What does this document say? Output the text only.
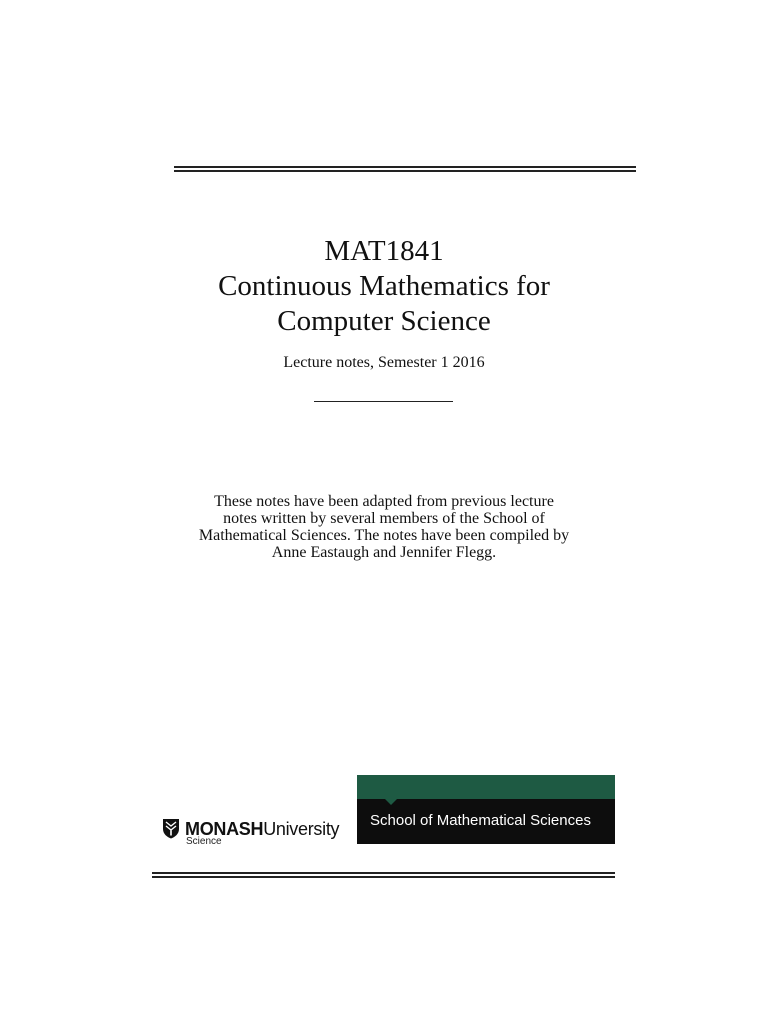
MAT1841
Continuous Mathematics for
Computer Science
Lecture notes, Semester 1 2016
These notes have been adapted from previous lecture
notes written by several members of the School of
Mathematical Sciences. The notes have been compiled by
Anne Eastaugh and Jennifer Flegg.
MONASHUniversity
Science
School of Mathematical Sciences
